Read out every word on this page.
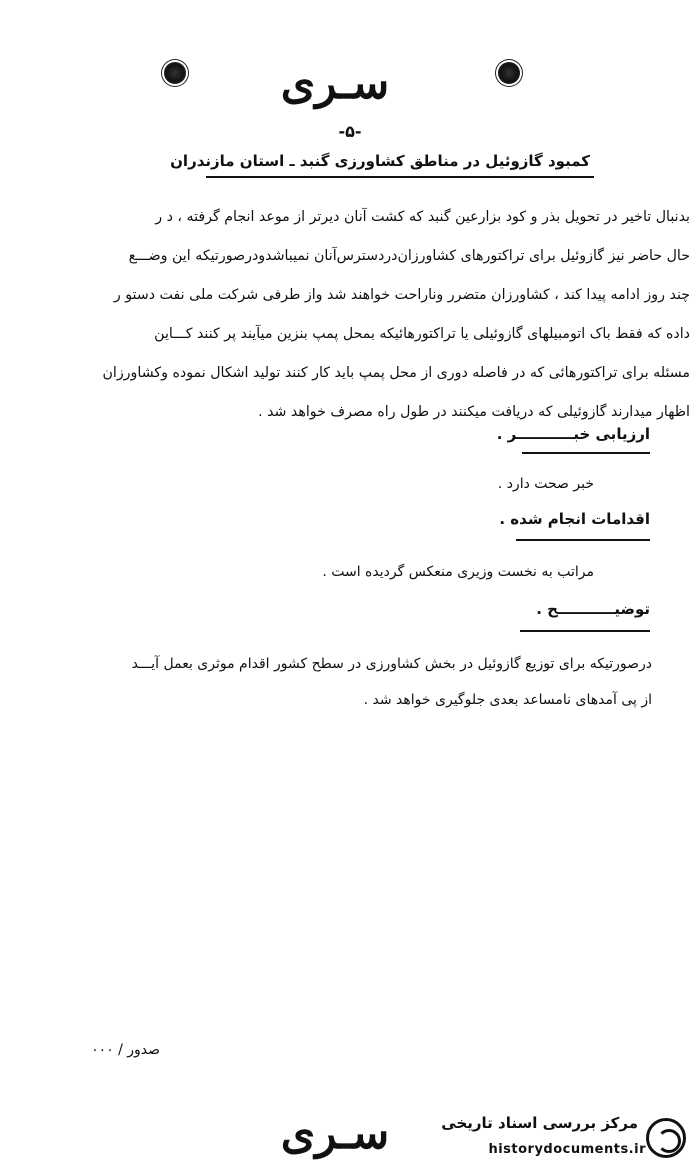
سـری
-۵-
کمبود گازوئیل در مناطق کشاورزی گنبد ـ استان مازندران
بدنبال تاخیر در تحویل بذر و کود بزارعین گنبد که کشت آنان دیرتر از موعد انجام گرفته ، د ر
حال حاضر نیز گازوئیل برای تراکتورهای کشاورزان‌دردسترس‌آنان نمیباشدودرصورتیکه این وضـــع
چند روز ادامه پیدا کند ، کشاورزان متضرر وناراحت خواهند شد واز طرفی شرکت ملی نفت دستو ر
داده که فقط باک اتومبیلهای گازوئیلی یا تراکتورهائیکه بمحل پمپ بنزین میآیند پر کنند کـــاین
مسئله برای تراکتورهائی که در فاصله دوری از محل پمپ باید کار کنند تولید اشکال نموده وکشاورزان
اظهار میدارند گازوئیلی که دریافت میکنند در طول راه مصرف خواهد شد .
ارزیابی خبـــــــــــر .
خبر صحت دارد .
اقدامات انجام شده .
مراتب به نخست وزیری منعکس گردیده است .
توضیـــــــــــح .
درصورتیکه برای توزیع گازوئیل در بخش کشاورزی در سطح کشور اقدام موثری بعمل آیـــد
از پی آمدهای نامساعد بعدی جلوگیری خواهد شد .
صدور / ۰۰۰
سـری	مرکز بررسی اسناد تاریخی
historydocuments.ir
